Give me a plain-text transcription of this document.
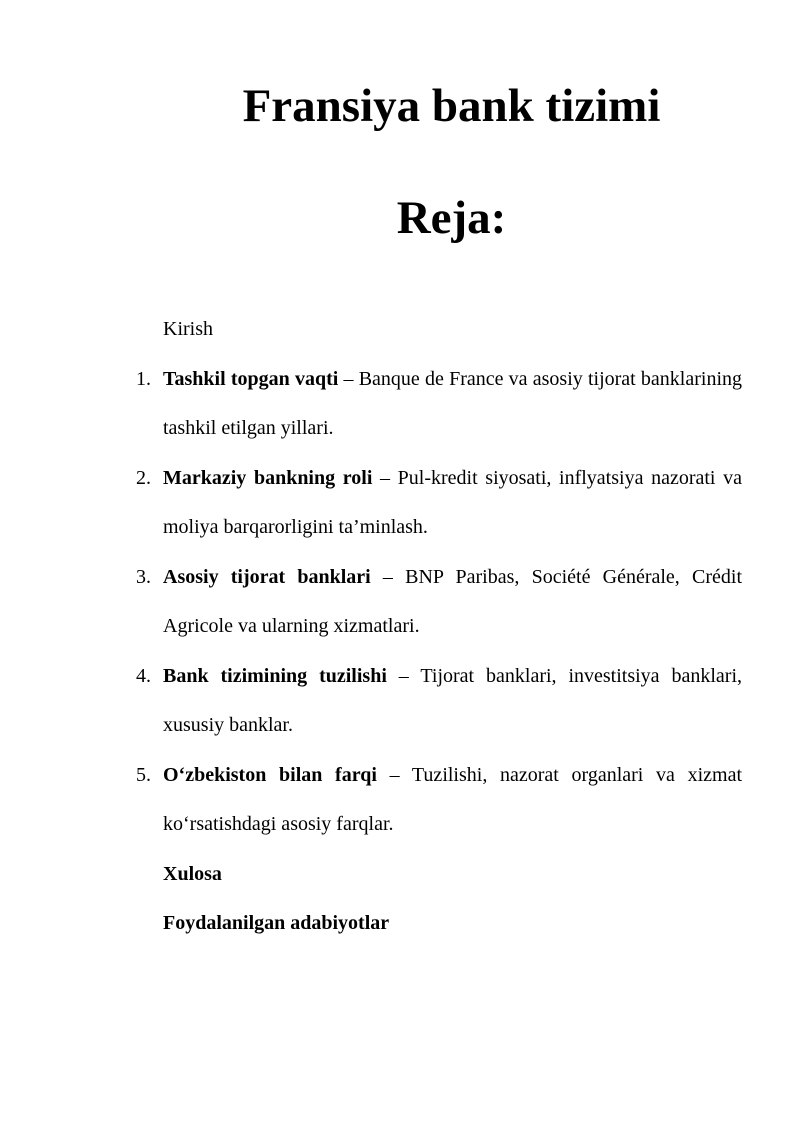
Fransiya bank tizimi
Reja:

Kirish

1. Tashkil topgan vaqti – Banque de France va asosiy tijorat banklarining tashkil etilgan yillari.

2. Markaziy bankning roli – Pul-kredit siyosati, inflyatsiya nazorati va moliya barqarorligini ta’minlash.

3. Asosiy tijorat banklari – BNP Paribas, Société Générale, Crédit Agricole va ularning xizmatlari.

4. Bank tizimining tuzilishi – Tijorat banklari, investitsiya banklari, xususiy banklar.

5. O‘zbekiston bilan farqi – Tuzilishi, nazorat organlari va xizmat ko‘rsatishdagi asosiy farqlar.

Xulosa

Foydalanilgan adabiyotlar
